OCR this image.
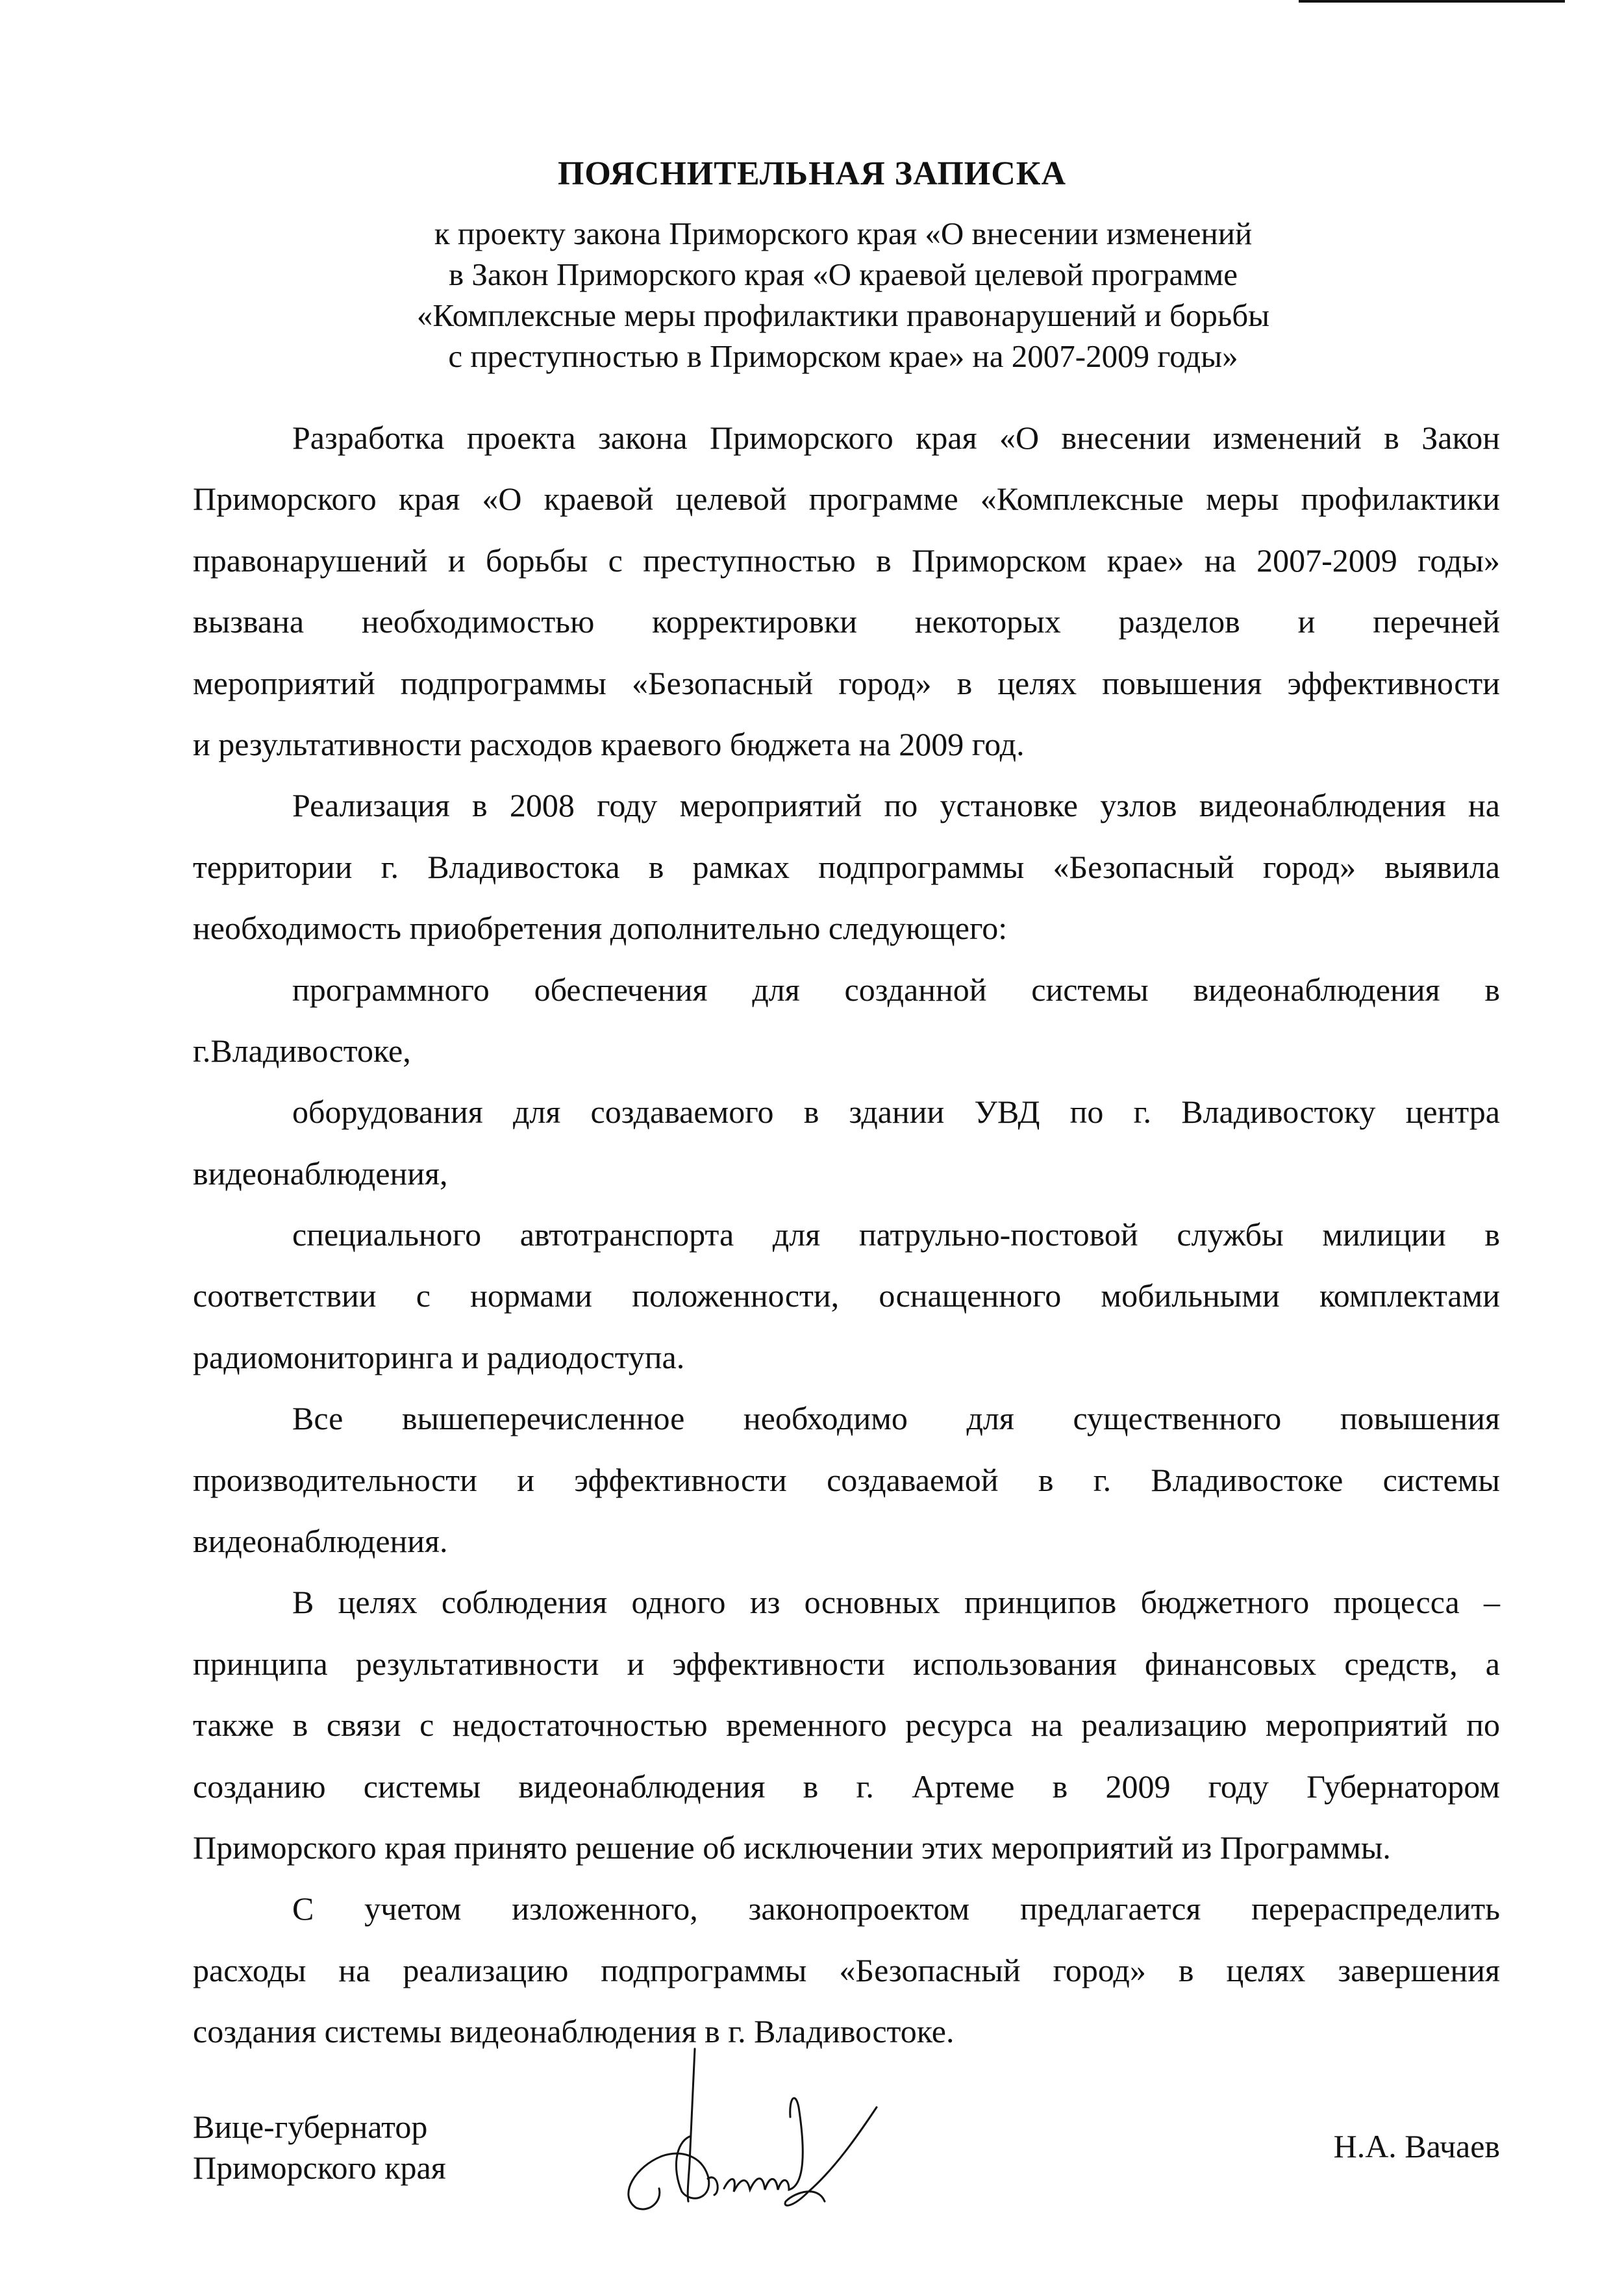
ПОЯСНИТЕЛЬНАЯ ЗАПИСКА
к проекту закона Приморского края «О внесении изменений
в Закон Приморского края «О краевой целевой программе
«Комплексные меры профилактики правонарушений и борьбы
с преступностью в Приморском крае» на 2007-2009 годы»
Разработка проекта закона Приморского края «О внесении изменений в Закон
Приморского края «О краевой целевой программе «Комплексные меры профилактики
правонарушений и борьбы с преступностью в Приморском крае» на 2007-2009 годы»
вызвана необходимостью корректировки некоторых разделов и перечней
мероприятий подпрограммы «Безопасный город» в целях повышения эффективности
и результативности расходов краевого бюджета на 2009 год.
Реализация в 2008 году мероприятий по установке узлов видеонаблюдения на
территории г. Владивостока в рамках подпрограммы «Безопасный город» выявила
необходимость приобретения дополнительно следующего:
программного обеспечения для созданной системы видеонаблюдения в
г.Владивостоке,
оборудования для создаваемого в здании УВД по г. Владивостоку центра
видеонаблюдения,
специального автотранспорта для патрульно-постовой службы милиции в
соответствии с нормами положенности, оснащенного мобильными комплектами
радиомониторинга и радиодоступа.
Все вышеперечисленное необходимо для существенного повышения
производительности и эффективности создаваемой в г. Владивостоке системы
видеонаблюдения.
В целях соблюдения одного из основных принципов бюджетного процесса –
принципа результативности и эффективности использования финансовых средств, а
также в связи с недостаточностью временного ресурса на реализацию мероприятий по
созданию системы видеонаблюдения в г. Артеме в 2009 году Губернатором
Приморского края принято решение об исключении этих мероприятий из Программы.
С учетом изложенного, законопроектом предлагается перераспределить
расходы на реализацию подпрограммы «Безопасный город» в целях завершения
создания системы видеонаблюдения в г. Владивостоке.
Вице-губернатор
Приморского края
Н.А. Вачаев
